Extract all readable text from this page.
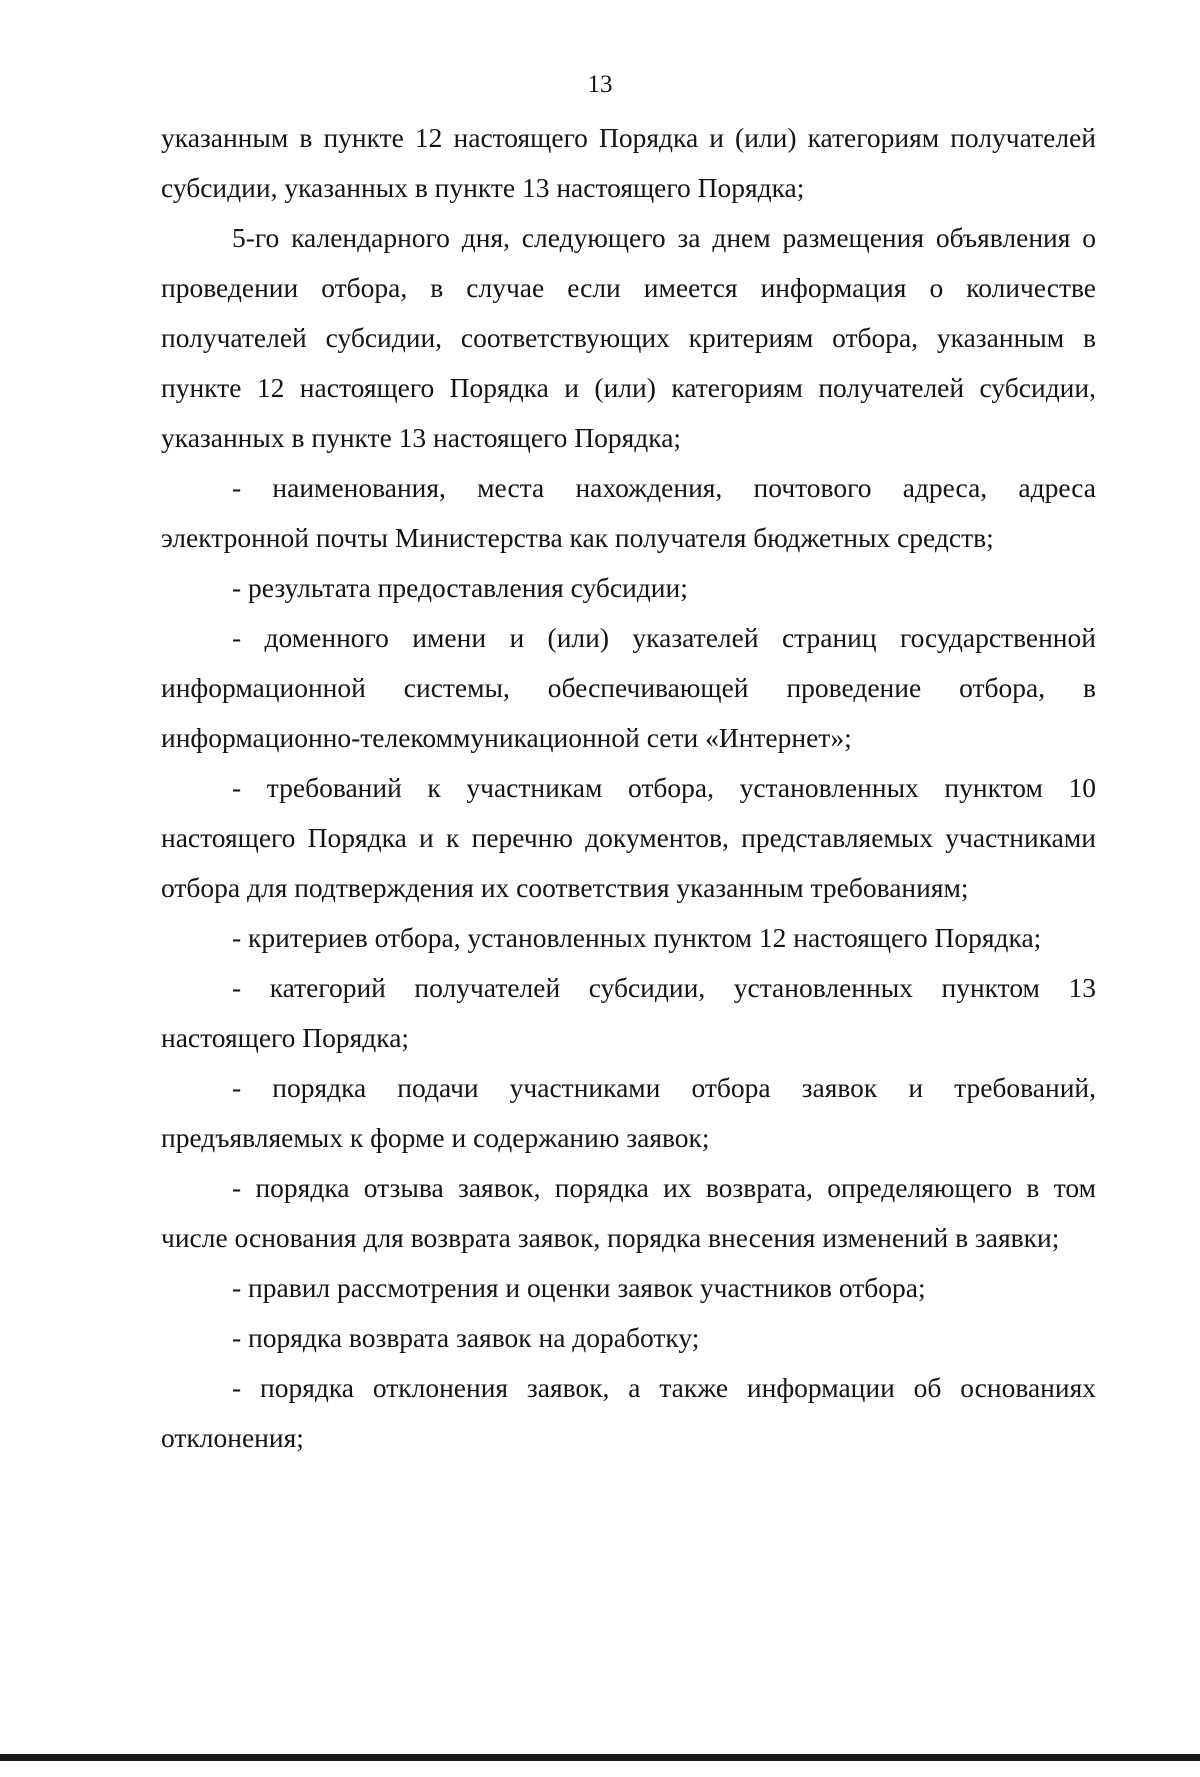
13

указанным в пункте 12 настоящего Порядка и (или) категориям получателей субсидии, указанных в пункте 13 настоящего Порядка;

5-го календарного дня, следующего за днем размещения объявления о проведении отбора, в случае если имеется информация о количестве получателей субсидии, соответствующих критериям отбора, указанным в пункте 12 настоящего Порядка и (или) категориям получателей субсидии, указанных в пункте 13 настоящего Порядка;

- наименования, места нахождения, почтового адреса, адреса электронной почты Министерства как получателя бюджетных средств;

- результата предоставления субсидии;

- доменного имени и (или) указателей страниц государственной информационной системы, обеспечивающей проведение отбора, в информационно-телекоммуникационной сети «Интернет»;

- требований к участникам отбора, установленных пунктом 10 настоящего Порядка и к перечню документов, представляемых участниками отбора для подтверждения их соответствия указанным требованиям;

- критериев отбора, установленных пунктом 12 настоящего Порядка;

- категорий получателей субсидии, установленных пунктом 13 настоящего Порядка;

- порядка подачи участниками отбора заявок и требований, предъявляемых к форме и содержанию заявок;

- порядка отзыва заявок, порядка их возврата, определяющего в том числе основания для возврата заявок, порядка внесения изменений в заявки;

- правил рассмотрения и оценки заявок участников отбора;

- порядка возврата заявок на доработку;

- порядка отклонения заявок, а также информации об основаниях отклонения;
